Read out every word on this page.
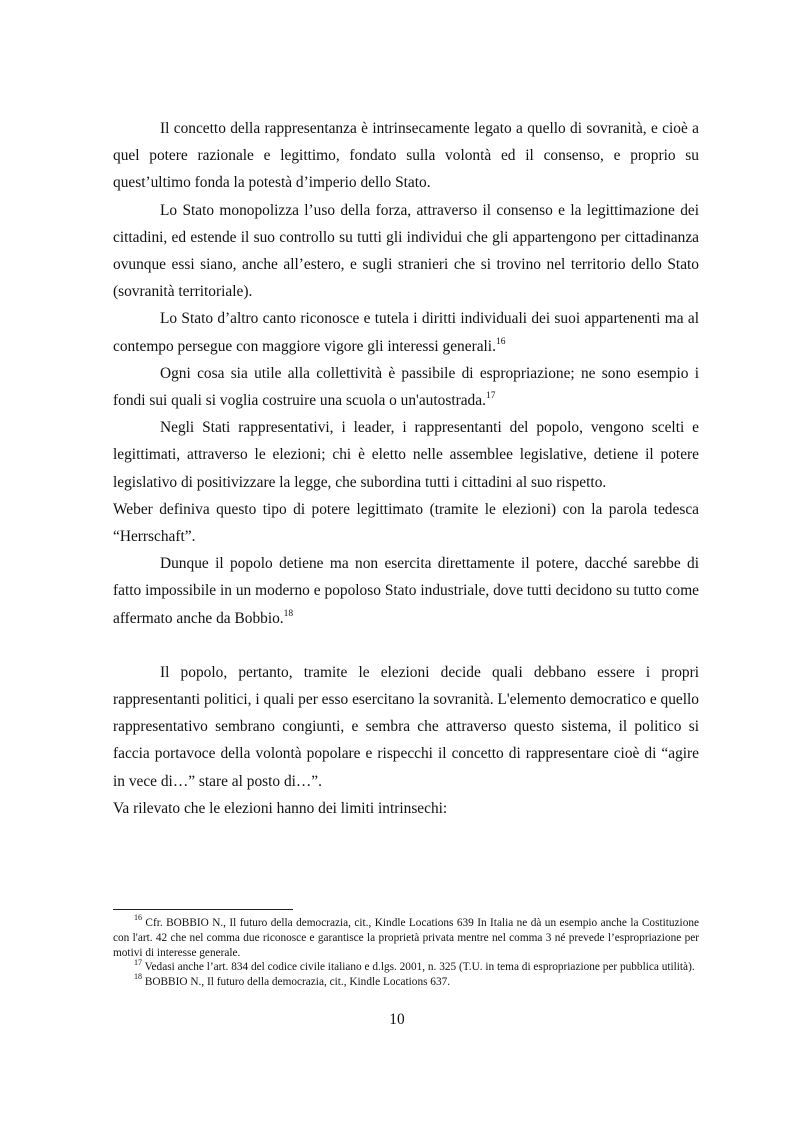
Il concetto della rappresentanza è intrinsecamente legato a quello di sovranità, e cioè a quel potere razionale e legittimo, fondato sulla volontà ed il consenso, e proprio su quest’ultimo fonda la potestà d’imperio dello Stato.

Lo Stato monopolizza l’uso della forza, attraverso il consenso e la legittimazione dei cittadini, ed estende il suo controllo su tutti gli individui che gli appartengono per cittadinanza ovunque essi siano, anche all’estero, e sugli stranieri che si trovino nel territorio dello Stato (sovranità territoriale).

Lo Stato d’altro canto riconosce e tutela i diritti individuali dei suoi appartenenti ma al contempo persegue con maggiore vigore gli interessi generali.$^{16}$

Ogni cosa sia utile alla collettività è passibile di espropriazione; ne sono esempio i fondi sui quali si voglia costruire una scuola o un'autostrada.$^{17}$

Negli Stati rappresentativi, i leader, i rappresentanti del popolo, vengono scelti e legittimati, attraverso le elezioni; chi è eletto nelle assemblee legislative, detiene il potere legislativo di positivizzare la legge, che subordina tutti i cittadini al suo rispetto.

Weber definiva questo tipo di potere legittimato (tramite le elezioni) con la parola tedesca “Herrschaft”.

Dunque il popolo detiene ma non esercita direttamente il potere, dacché sarebbe di fatto impossibile in un moderno e popoloso Stato industriale, dove tutti decidono su tutto come affermato anche da Bobbio.$^{18}$

Il popolo, pertanto, tramite le elezioni decide quali debbano essere i propri rappresentanti politici, i quali per esso esercitano la sovranità. L'elemento democratico e quello rappresentativo sembrano congiunti, e sembra che attraverso questo sistema, il politico si faccia portavoce della volontà popolare e rispecchi il concetto di rappresentare cioè di “agire in vece di…” stare al posto di…”.

Va rilevato che le elezioni hanno dei limiti intrinsechi:

$^{16}$ Cfr. BOBBIO N., Il futuro della democrazia, cit., Kindle Locations 639 In Italia ne dà un esempio anche la Costituzione con l'art. 42 che nel comma due riconosce e garantisce la proprietà privata mentre nel comma 3 né prevede l’espropriazione per motivi di interesse generale.

$^{17}$ Vedasi anche l’art. 834 del codice civile italiano e d.lgs. 2001, n. 325 (T.U. in tema di espropriazione per pubblica utilità).

$^{18}$ BOBBIO N., Il futuro della democrazia, cit., Kindle Locations 637.

10
